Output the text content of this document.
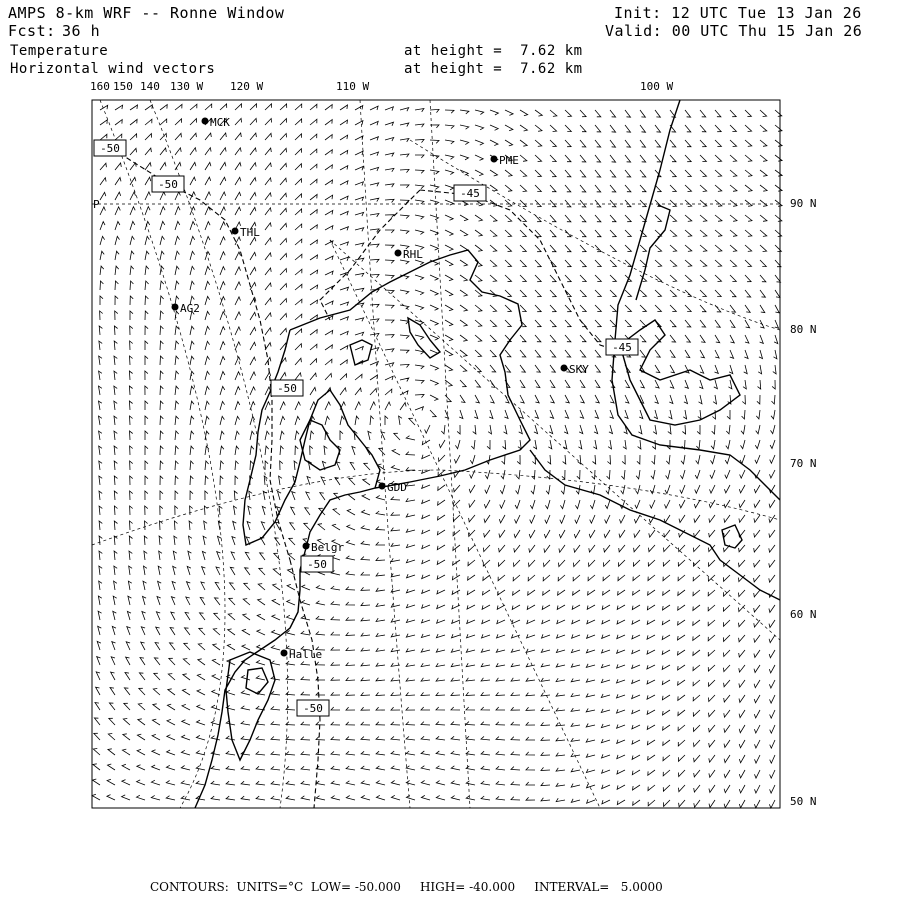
AMPS 8-km WRF -- Ronne Window
Fcst: 36 h
Init: 12 UTC Tue 13 Jan 26
Valid: 00 UTC Thu 15 Jan 26
Temperature
Horizontal wind vectors
at height =  7.62 km
at height =  7.62 km
MCK
PME
THL
RHL
AG2
SKY
GDD
Belgr
Halle
-50
-50
-45
-45
-50
-50
-50
160 150 140 130 W 120 W	110 W	100 W
90 N
80 N
70 N
60 N
50 N
P
CONTOURS:  UNITS=°C  LOW= -50.000     HIGH= -40.000     INTERVAL=   5.0000
